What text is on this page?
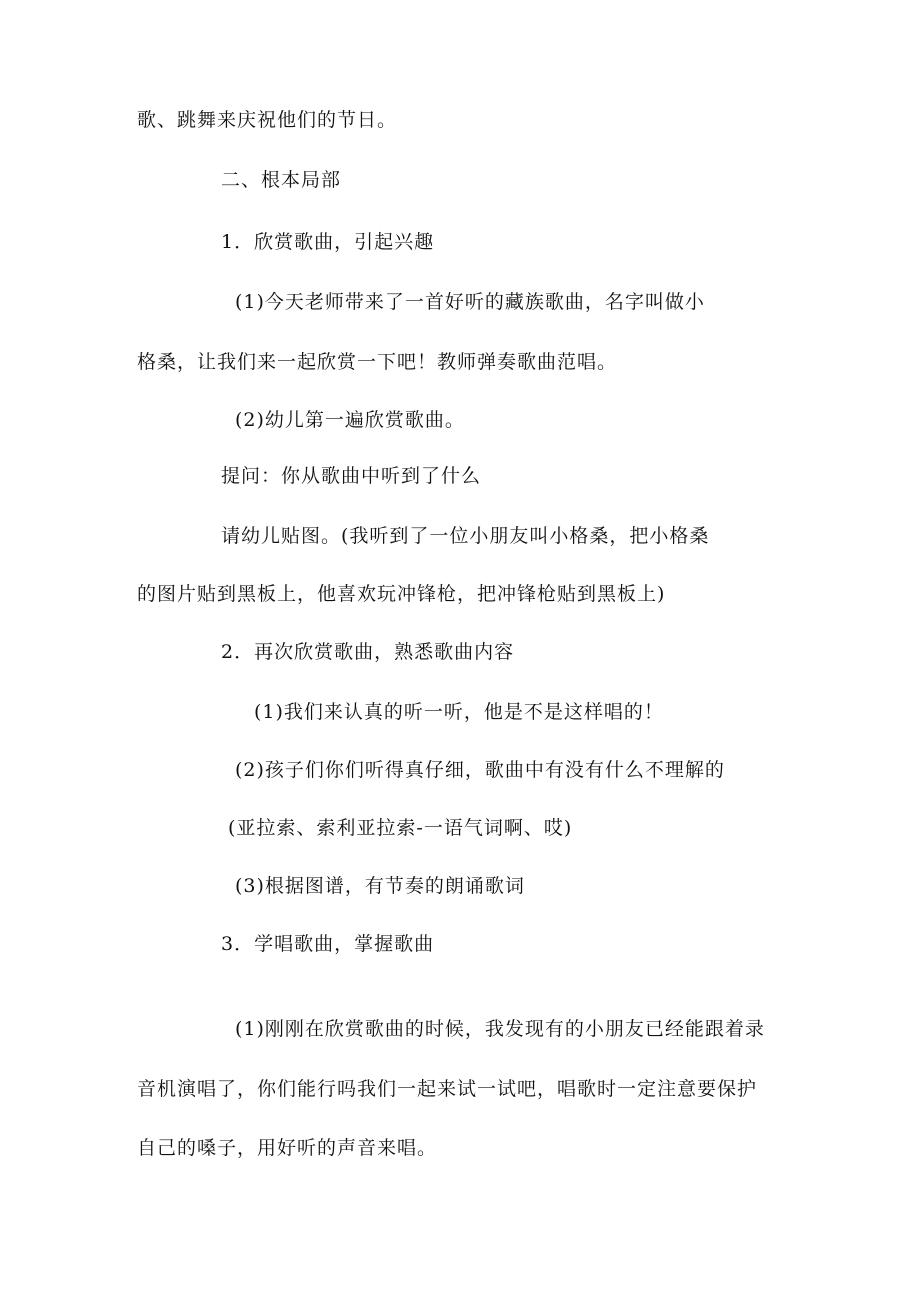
歌、跳舞来庆祝他们的节日。
二、根本局部
1．欣赏歌曲，引起兴趣
(1)今天老师带来了一首好听的藏族歌曲，名字叫做小
格桑，让我们来一起欣赏一下吧！教师弹奏歌曲范唱。
(2)幼儿第一遍欣赏歌曲。
提问：你从歌曲中听到了什么
请幼儿贴图。(我听到了一位小朋友叫小格桑，把小格桑
的图片贴到黑板上，他喜欢玩冲锋枪，把冲锋枪贴到黑板上)
2．再次欣赏歌曲，熟悉歌曲内容
(1)我们来认真的听一听，他是不是这样唱的！
(2)孩子们你们听得真仔细，歌曲中有没有什么不理解的
(亚拉索、索利亚拉索-一语气词啊、哎)
(3)根据图谱，有节奏的朗诵歌词
3．学唱歌曲，掌握歌曲
(1)刚刚在欣赏歌曲的时候，我发现有的小朋友已经能跟着录
音机演唱了，你们能行吗我们一起来试一试吧，唱歌时一定注意要保护
自己的嗓子，用好听的声音来唱。
